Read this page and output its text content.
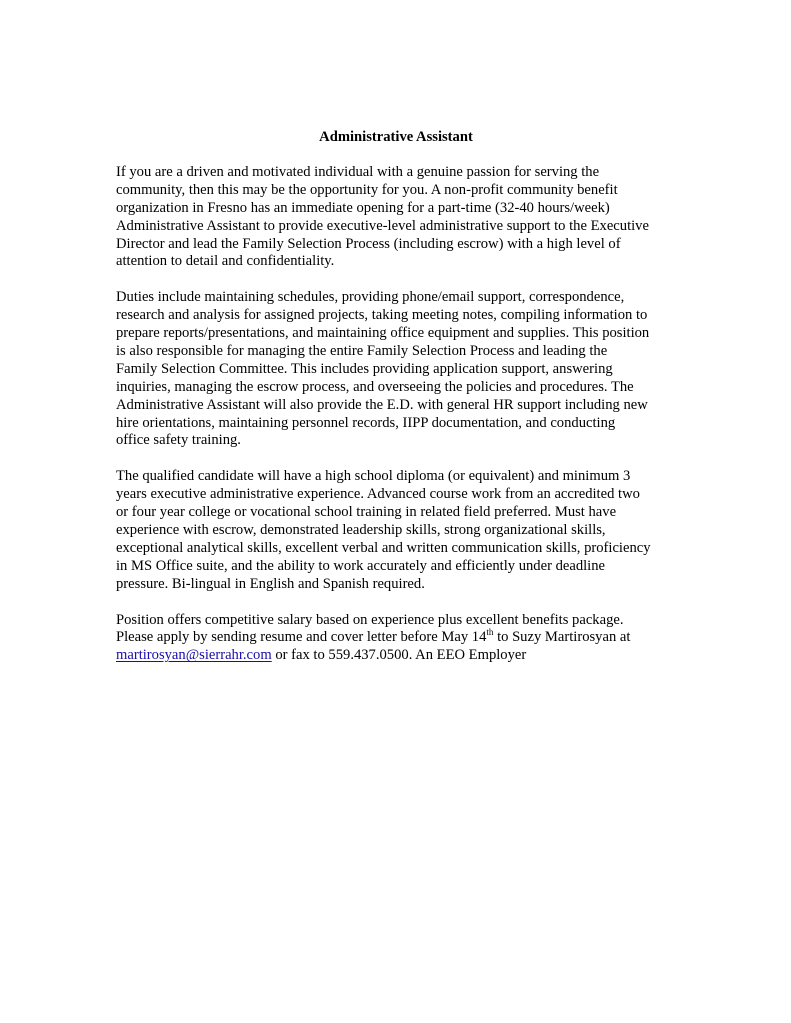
Administrative Assistant
If you are a driven and motivated individual with a genuine passion for serving the
community, then this may be the opportunity for you. A non-profit community benefit
organization in Fresno has an immediate opening for a part-time (32-40 hours/week)
Administrative Assistant to provide executive-level administrative support to the Executive
Director and lead the Family Selection Process (including escrow) with a high level of
attention to detail and confidentiality.
Duties include maintaining schedules, providing phone/email support, correspondence,
research and analysis for assigned projects, taking meeting notes, compiling information to
prepare reports/presentations, and maintaining office equipment and supplies. This position
is also responsible for managing the entire Family Selection Process and leading the
Family Selection Committee. This includes providing application support, answering
inquiries, managing the escrow process, and overseeing the policies and procedures. The
Administrative Assistant will also provide the E.D. with general HR support including new
hire orientations, maintaining personnel records, IIPP documentation, and conducting
office safety training.
The qualified candidate will have a high school diploma (or equivalent) and minimum 3
years executive administrative experience. Advanced course work from an accredited two
or four year college or vocational school training in related field preferred. Must have
experience with escrow, demonstrated leadership skills, strong organizational skills,
exceptional analytical skills, excellent verbal and written communication skills, proficiency
in MS Office suite, and the ability to work accurately and efficiently under deadline
pressure. Bi-lingual in English and Spanish required.
Position offers competitive salary based on experience plus excellent benefits package.
Please apply by sending resume and cover letter before May 14th to Suzy Martirosyan at
martirosyan@sierrahr.com or fax to 559.437.0500. An EEO Employer
